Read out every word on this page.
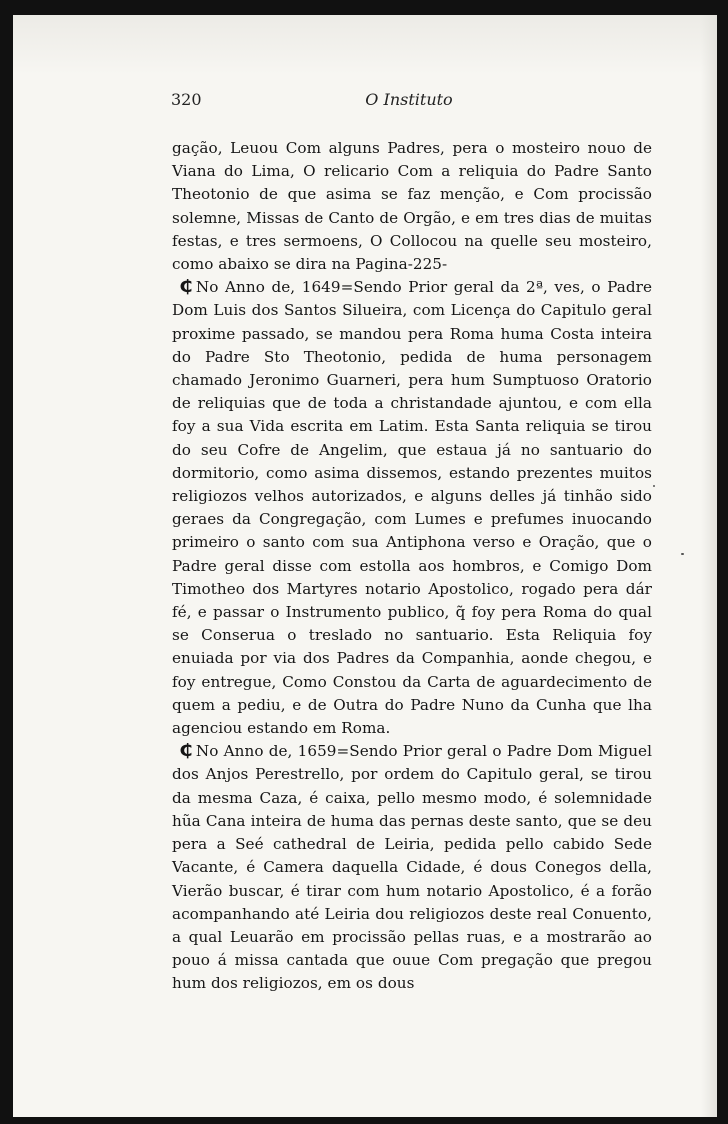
320	O Instituto

gação, Leuou Com alguns Padres, pera o mosteiro nouo de Viana do Lima, O relicario Com a reliquia do Padre Santo Theotonio de que asima se faz menção, e Com procissão solemne, Missas de Canto de Orgão, e em tres dias de muitas festas, e tres sermoens, O Collocou na quelle seu mosteiro, como abaixo se dira na Pagina-225-

₵ No Anno de, 1649=Sendo Prior geral da 2ª, ves, o Padre Dom Luis dos Santos Silueira, com Licença do Capitulo geral proxime passado, se mandou pera Roma huma Costa inteira do Padre Sto Theotonio, pedida de huma personagem chamado Jeronimo Guarneri, pera hum Sumptuoso Oratorio de reliquias que de toda a christandade ajuntou, e com ella foy a sua Vida escrita em Latim. Esta Santa reliquia se tirou do seu Cofre de Angelim, que estaua já no santuario do dormitorio, como asima dissemos, estando prezentes muitos religiozos velhos autorizados, e alguns delles já tinhão sido geraes da Congregação, com Lumes e prefumes inuocando primeiro o santo com sua Antiphona verso e Oração, que o Padre geral disse com estolla aos hombros, e Comigo Dom Timotheo dos Martyres notario Apostolico, rogado pera dár fé, e passar o Instrumento publico, q̃ foy pera Roma do qual se Conserua o treslado no santuario. Esta Reliquia foy enuiada por via dos Padres da Companhia, aonde chegou, e foy entregue, Como Constou da Carta de aguardecimento de quem a pediu, e de Outra do Padre Nuno da Cunha que lha agenciou estando em Roma.

₵ No Anno de, 1659=Sendo Prior geral o Padre Dom Miguel dos Anjos Perestrello, por ordem do Capitulo geral, se tirou da mesma Caza, é caixa, pello mesmo modo, é solemnidade hũa Cana inteira de huma das pernas deste santo, que se deu pera a Seé cathedral de Leiria, pedida pello cabido Sede Vacante, é Camera daquella Cidade, é dous Conegos della, Vierão buscar, é tirar com hum notario Apostolico, é a forão acompanhando até Leiria dou religiozos deste real Conuento, a qual Leuarão em procissão pellas ruas, e a mostrarão ao pouo á missa cantada que ouue Com pregação que pregou hum dos religiozos, em os dous
